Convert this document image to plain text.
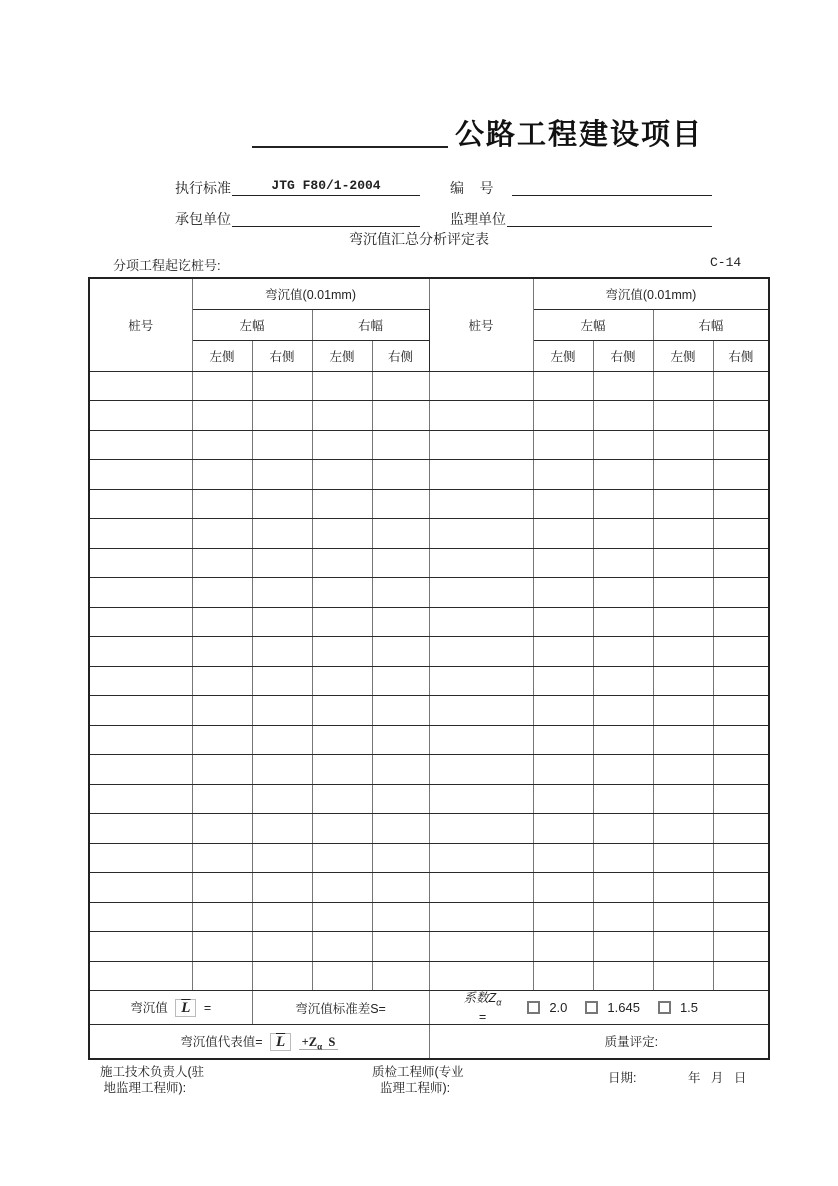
公路工程建设项目
执行标准	JTG F80/1-2004	编    号
承包单位	监理单位
弯沉值汇总分析评定表
分项工程起讫桩号:	C-14
桩号	弯沉值(0.01mm)				桩号	弯沉值(0.01mm)			
	左幅		右幅			左幅		右幅	
	左侧	右侧	左侧	右侧		左侧	右侧	左侧	右侧

弯沉值 $\overline{L}$ =		弯沉值标准差S=			系数$Z_\alpha$
=
2.0 1.645 1.5				

弯沉值代表值= $\overline{L} +Z_\alpha$ S					质量评定:				
施工技术负责人(驻
地监理工程师):
质检工程师(专业
监理工程师):
日期:	年   月   日
